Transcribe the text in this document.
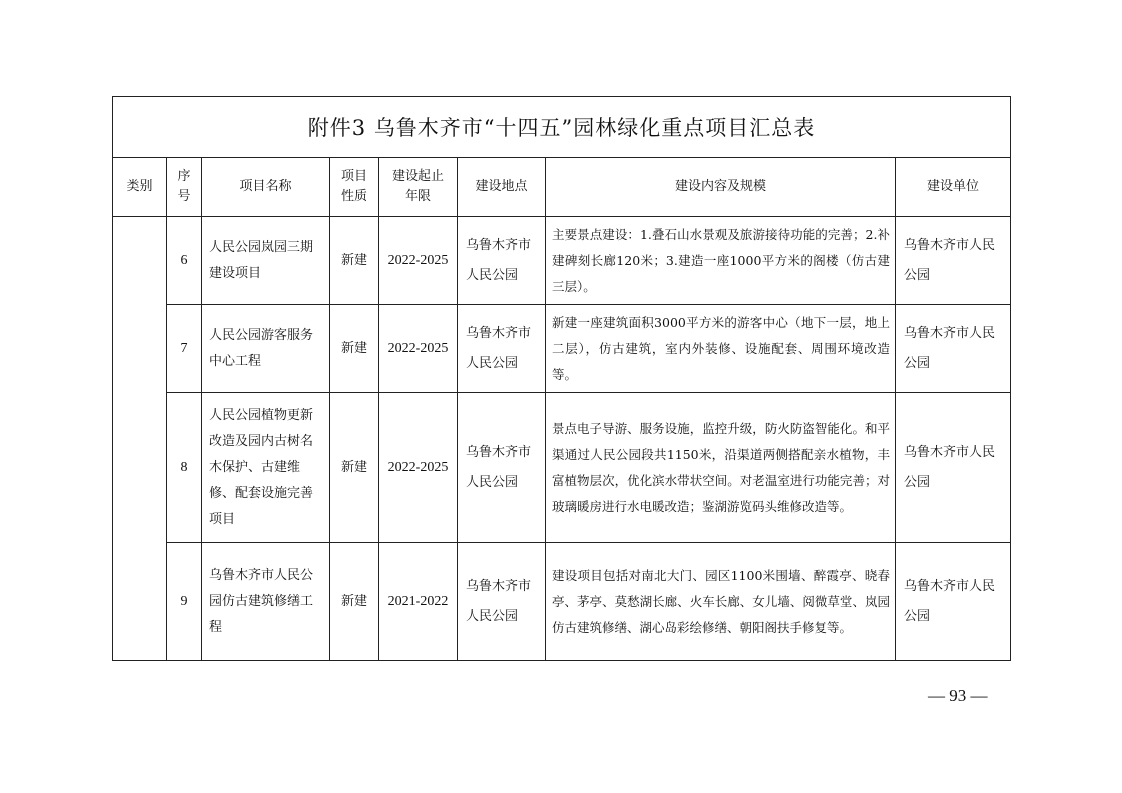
附件3 乌鲁木齐市“十四五”园林绿化重点项目汇总表							
类别	序号	项目名称	项目性质	建设起止年限	建设地点	建设内容及规模	建设单位
	6	人民公园岚园三期建设项目	新建	2022-2025	乌鲁木齐市人民公园	主要景点建设：1.叠石山水景观及旅游接待功能的完善；2.补建碑刻长廊120米；3.建造一座1000平方米的阁楼（仿古建三层）。	乌鲁木齐市人民公园
	7	人民公园游客服务中心工程	新建	2022-2025	乌鲁木齐市人民公园	新建一座建筑面积3000平方米的游客中心（地下一层，地上二层），仿古建筑，室内外装修、设施配套、周围环境改造等。	乌鲁木齐市人民公园
	8	人民公园植物更新改造及园内古树名木保护、古建维修、配套设施完善项目	新建	2022-2025	乌鲁木齐市人民公园	景点电子导游、服务设施，监控升级，防火防盗智能化。和平渠通过人民公园段共1150米，沿渠道两侧搭配亲水植物，丰富植物层次，优化滨水带状空间。对老温室进行功能完善；对玻璃暖房进行水电暖改造；鉴湖游览码头维修改造等。	乌鲁木齐市人民公园
	9	乌鲁木齐市人民公园仿古建筑修缮工程	新建	2021-2022	乌鲁木齐市人民公园	建设项目包括对南北大门、园区1100米围墙、醉霞亭、晓春亭、茅亭、莫愁湖长廊、火车长廊、女儿墙、阅微草堂、岚园仿古建筑修缮、湖心岛彩绘修缮、朝阳阁扶手修复等。	乌鲁木齐市人民公园
— 93 —
